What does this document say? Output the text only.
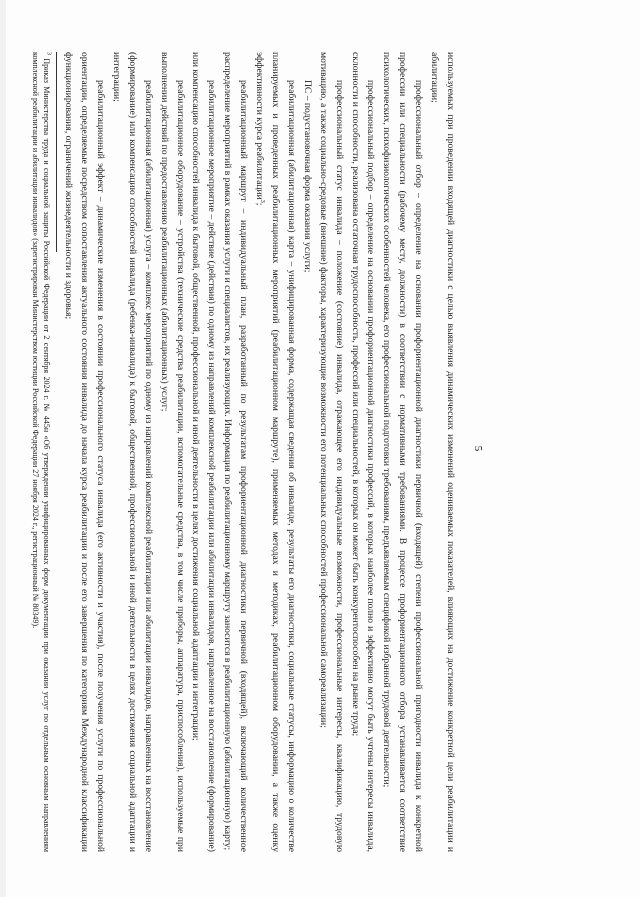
5

используемых при проведении входящей диагностики с целью выявления динамических изменений оцениваемых показателей, влияющих на достижение конкретной цели реабилитации и абилитации;

профессиональный отбор – определение на основании профориентационной диагностики первичной (входящей) степени профессиональной пригодности инвалида к конкретной профессии или специальности (рабочему месту, должности) в соответствии с нормативными требованиями. В процессе профориентационного отбора устанавливается соответствие психологических, психофизиологических особенностей человека, его профессиональной подготовки требованиям, предъявляемым спецификой избранной трудовой деятельности;

профессиональный подбор – определение на основании профориентационной диагностики профессий, в которых наиболее полно и эффективно могут быть учтены интересы инвалида, склонности и способности, реализована остаточная трудоспособность, профессий или специальностей, в которых он может быть конкурентоспособен на рынке труда;

профессиональный статус инвалида – положение (состояние) инвалида, отражающее его индивидуальные возможности, профессиональные интересы, квалификацию, трудовую мотивацию, а также социально-средовые (внешние) факторы, характеризующие возможности его потенциальных способностей профессиональной самореализации;

ПС – подустановочная форма оказания услуги;

реабилитационная (абилитационная) карта – унифицированная форма, содержащая сведения об инвалиде, результаты его диагностики, социальные статусы, информацию о количестве планируемых и проведенных реабилитационных мероприятий (реабилитационном маршруте), применяемых методах и методиках, реабилитационном оборудовании, а также оценку эффективности курса реабилитации$^3$;

реабилитационный маршрут – индивидуальный план, разработанный по результатам профориентационной диагностики первичной (входящей), включающий количественное распределение мероприятий в рамках оказания услуги и специалистов, их реализующих. Информация по реабилитационному маршруту заносится в реабилитационную (абилитационную) карту;

реабилитационное мероприятие – действие (действия) по одному из направлений комплексной реабилитации или абилитации инвалидов, направленное на восстановление (формирование) или компенсацию способностей инвалида к бытовой, общественной, профессиональной и иной деятельности в целях достижения социальной адаптации и интеграции;

реабилитационное оборудование – устройства (технические средства реабилитации, вспомогательные средства, в том числе приборы, аппаратура, приспособления), используемые при выполнении действий по предоставлению реабилитационных (абилитационных) услуг;

реабилитационная (абилитационная) услуга – комплекс мероприятий по одному из направлений комплексной реабилитации или абилитации инвалидов, направленных на восстановление (формирование) или компенсацию способностей инвалида (ребенка-инвалида) к бытовой, общественной, профессиональной и иной деятельности в целях достижения социальной адаптации и интеграции;

реабилитационный эффект – динамические изменения в состоянии профессионального статуса инвалида (его активности и участия), после получения услуги по профессиональной ориентации, определяемые посредством сопоставления актуального состояния инвалида до начала курса реабилитации и после его завершения по категориям Международной классификации функционирования, ограничений жизнедеятельности и здоровья;

$^3$ Приказ Министерства труда и социальной защиты Российской Федерации от 2 сентября 2024 г. № 445н «Об утверждении унифицированных форм документации при оказании услуг по отдельным основным направлениям комплексной реабилитации и абилитации инвалидов» (зарегистрирован Министерством юстиции Российской Федерации 27 ноября 2024 г., регистрационный № 80349).
